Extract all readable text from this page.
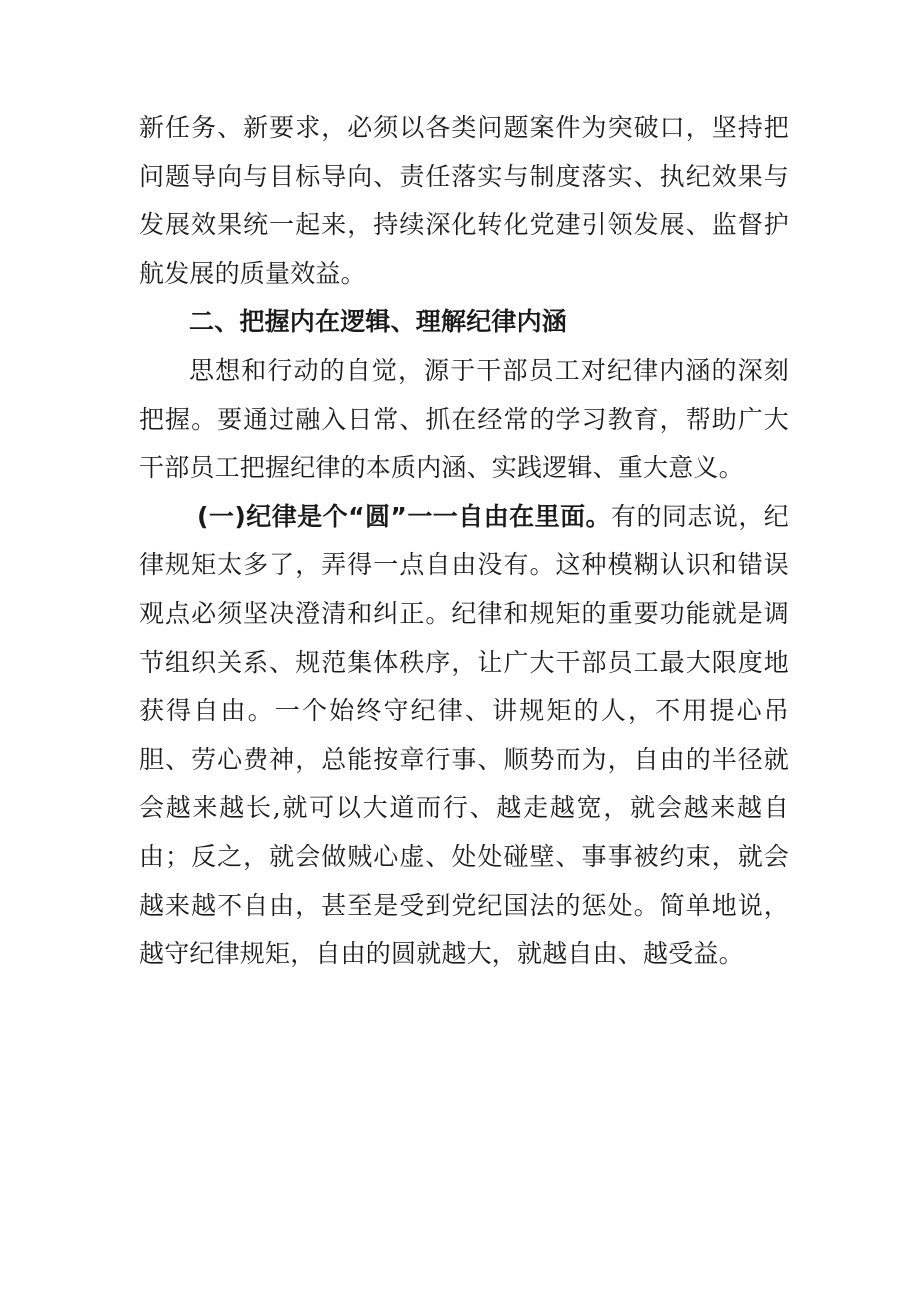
新任务、新要求，必须以各类问题案件为突破口，坚持把问题导向与目标导向、责任落实与制度落实、执纪效果与发展效果统一起来，持续深化转化党建引领发展、监督护航发展的质量效益。

二、把握内在逻辑、理解纪律内涵

思想和行动的自觉，源于干部员工对纪律内涵的深刻把握。要通过融入日常、抓在经常的学习教育，帮助广大干部员工把握纪律的本质内涵、实践逻辑、重大意义。

(一)纪律是个“圆”一一自由在里面。有的同志说，纪律规矩太多了，弄得一点自由没有。这种模糊认识和错误观点必须坚决澄清和纠正。纪律和规矩的重要功能就是调节组织关系、规范集体秩序，让广大干部员工最大限度地获得自由。一个始终守纪律、讲规矩的人，不用提心吊胆、劳心费神，总能按章行事、顺势而为，自由的半径就会越来越长,就可以大道而行、越走越宽，就会越来越自由；反之，就会做贼心虚、处处碰壁、事事被约束，就会越来越不自由，甚至是受到党纪国法的惩处。简单地说，越守纪律规矩，自由的圆就越大，就越自由、越受益。
